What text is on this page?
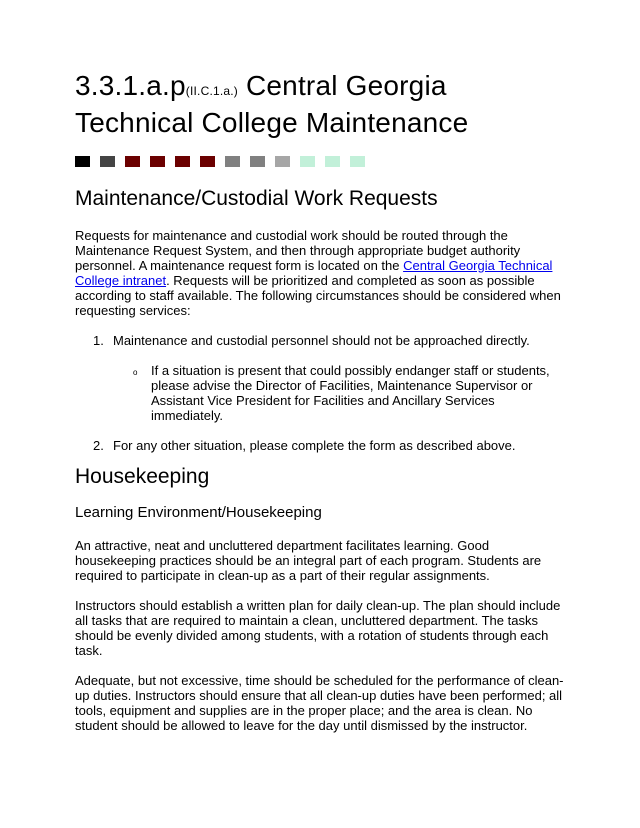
3.3.1.a.p(II.C.1.a.) Central Georgia Technical College Maintenance
Maintenance/Custodial Work Requests

Requests for maintenance and custodial work should be routed through the Maintenance Request System, and then through appropriate budget authority personnel. A maintenance request form is located on the Central Georgia Technical College intranet. Requests will be prioritized and completed as soon as possible according to staff available. The following circumstances should be considered when requesting services:

1. Maintenance and custodial personnel should not be approached directly.
o If a situation is present that could possibly endanger staff or students, please advise the Director of Facilities, Maintenance Supervisor or Assistant Vice President for Facilities and Ancillary Services immediately.
2. For any other situation, please complete the form as described above.
Housekeeping
Learning Environment/Housekeeping

An attractive, neat and uncluttered department facilitates learning. Good housekeeping practices should be an integral part of each program. Students are required to participate in clean-up as a part of their regular assignments.

Instructors should establish a written plan for daily clean-up. The plan should include all tasks that are required to maintain a clean, uncluttered department. The tasks should be evenly divided among students, with a rotation of students through each task.

Adequate, but not excessive, time should be scheduled for the performance of clean-up duties. Instructors should ensure that all clean-up duties have been performed; all tools, equipment and supplies are in the proper place; and the area is clean. No student should be allowed to leave for the day until dismissed by the instructor.
